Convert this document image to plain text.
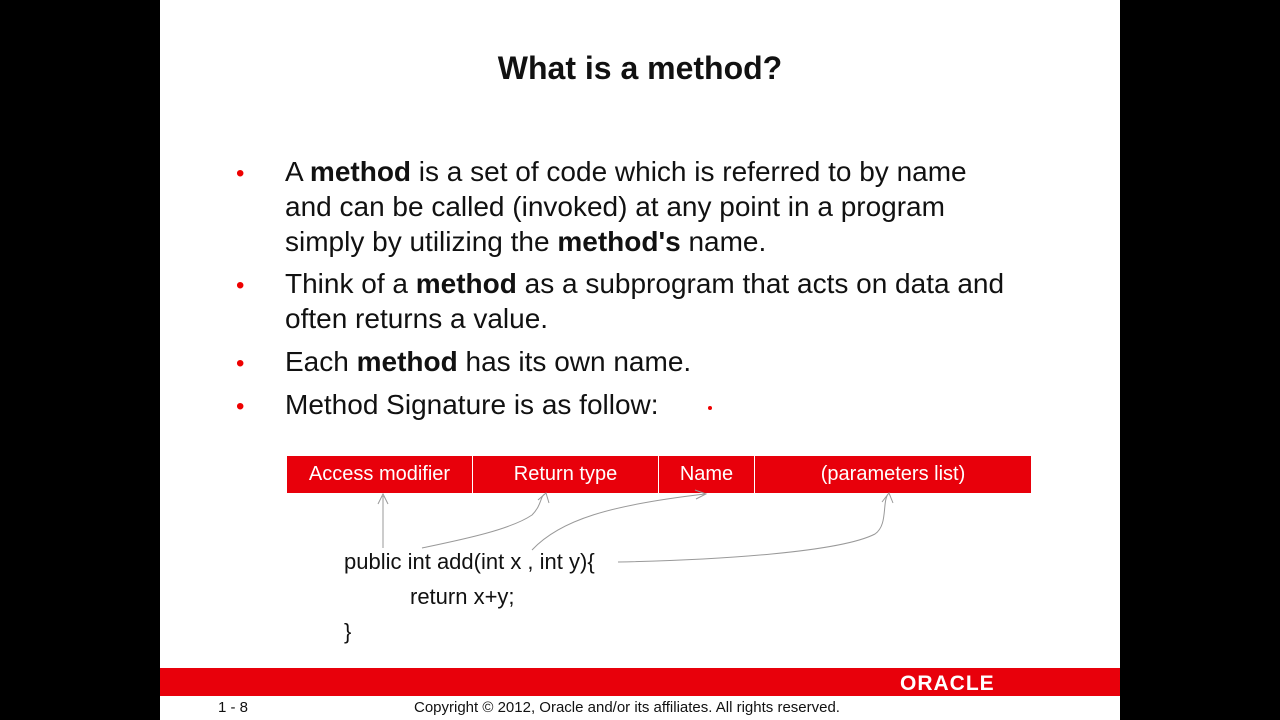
What is a method?
• A method is a set of code which is referred to by name
and can be called (invoked) at any point in a program
simply by utilizing the method's name.
• Think of a method as a subprogram that acts on data and
often returns a value.
• Each method has its own name.
• Method Signature is as follow:
Access modifier	Return type	Name	(parameters list)
public int add(int x , int y){
return x+y;
}
ORACLE
1 - 8	Copyright © 2012, Oracle and/or its affiliates. All rights reserved.
